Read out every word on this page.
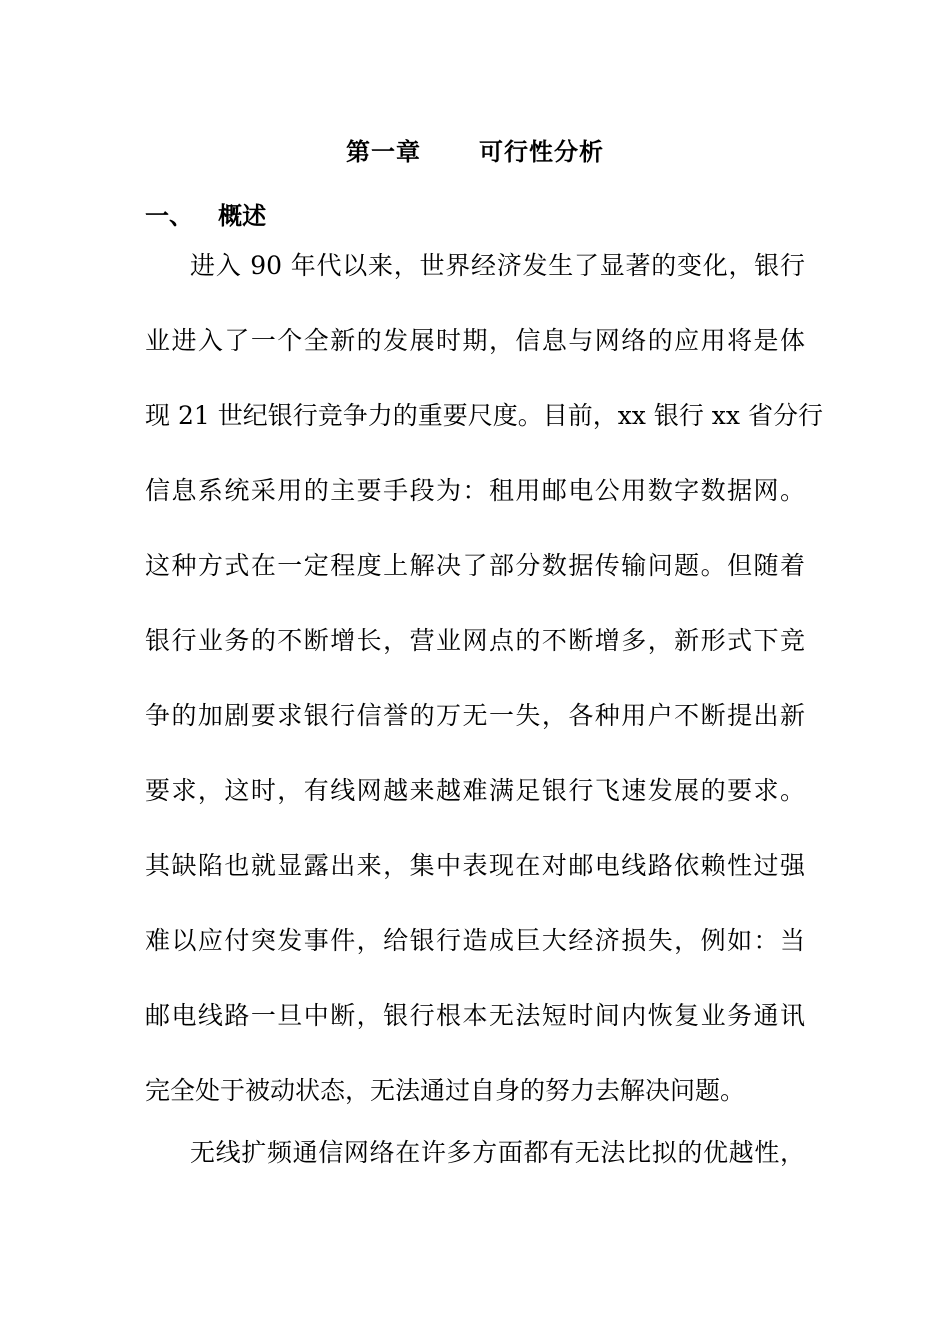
第一章   可行性分析
一、   概述
进入 90 年代以来，世界经济发生了显著的变化，银行
业进入了一个全新的发展时期，信息与网络的应用将是体
现 21 世纪银行竞争力的重要尺度。目前，xx 银行 xx 省分行
信息系统采用的主要手段为：租用邮电公用数字数据网。
这种方式在一定程度上解决了部分数据传输问题。但随着
银行业务的不断增长，营业网点的不断增多，新形式下竞
争的加剧要求银行信誉的万无一失，各种用户不断提出新
要求，这时，有线网越来越难满足银行飞速发展的要求。
其缺陷也就显露出来，集中表现在对邮电线路依赖性过强
难以应付突发事件，给银行造成巨大经济损失，例如：当
邮电线路一旦中断，银行根本无法短时间内恢复业务通讯
完全处于被动状态，无法通过自身的努力去解决问题。
无线扩频通信网络在许多方面都有无法比拟的优越性，
